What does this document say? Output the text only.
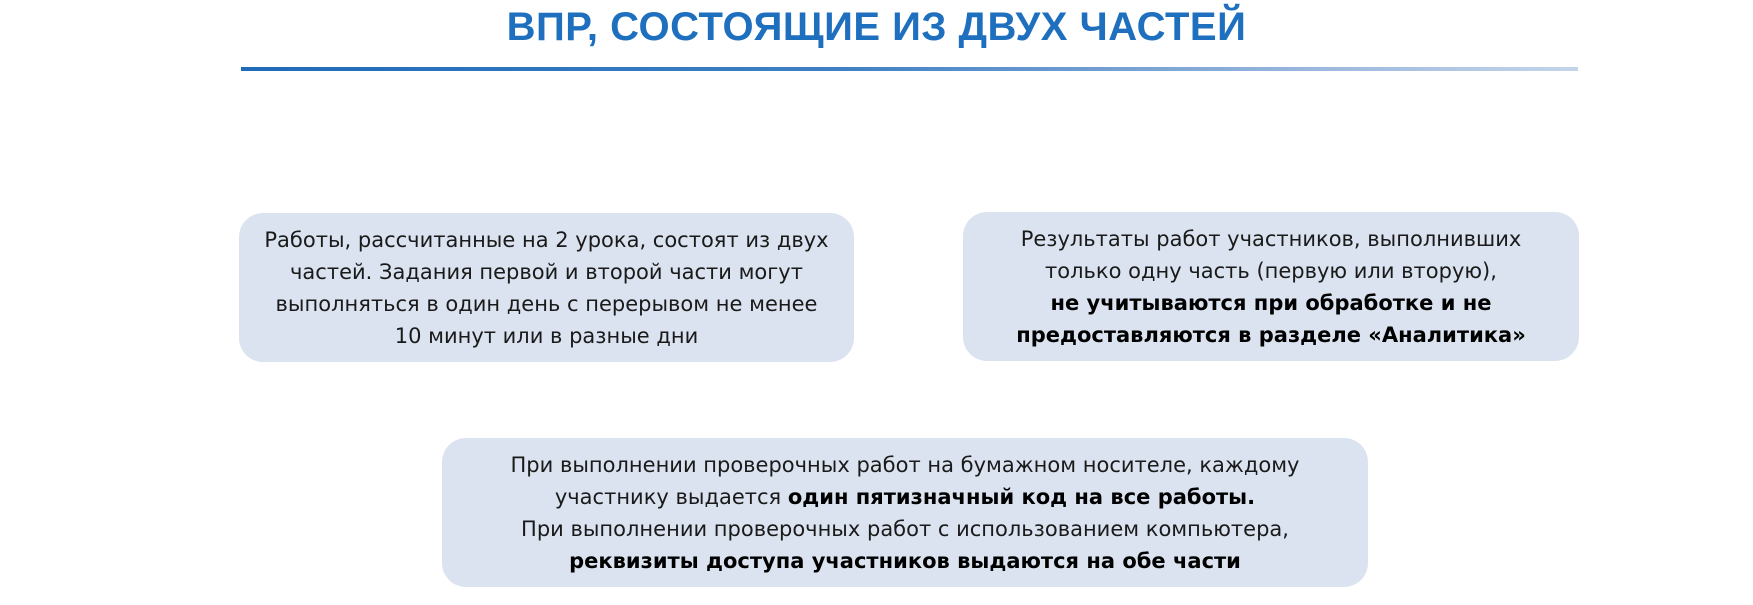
ВПР, СОСТОЯЩИЕ ИЗ ДВУХ ЧАСТЕЙ
Работы, рассчитанные на 2 урока, состоят из двух
частей. Задания первой и второй части могут
выполняться в один день с перерывом не менее
10 минут или в разные дни
Результаты работ участников, выполнивших
только одну часть (первую или вторую),
не учитываются при обработке и не
предоставляются в разделе «Аналитика»
При выполнении проверочных работ на бумажном носителе, каждому
участнику выдается один пятизначный код на все работы.
При выполнении проверочных работ с использованием компьютера,
реквизиты доступа участников выдаются на обе части
